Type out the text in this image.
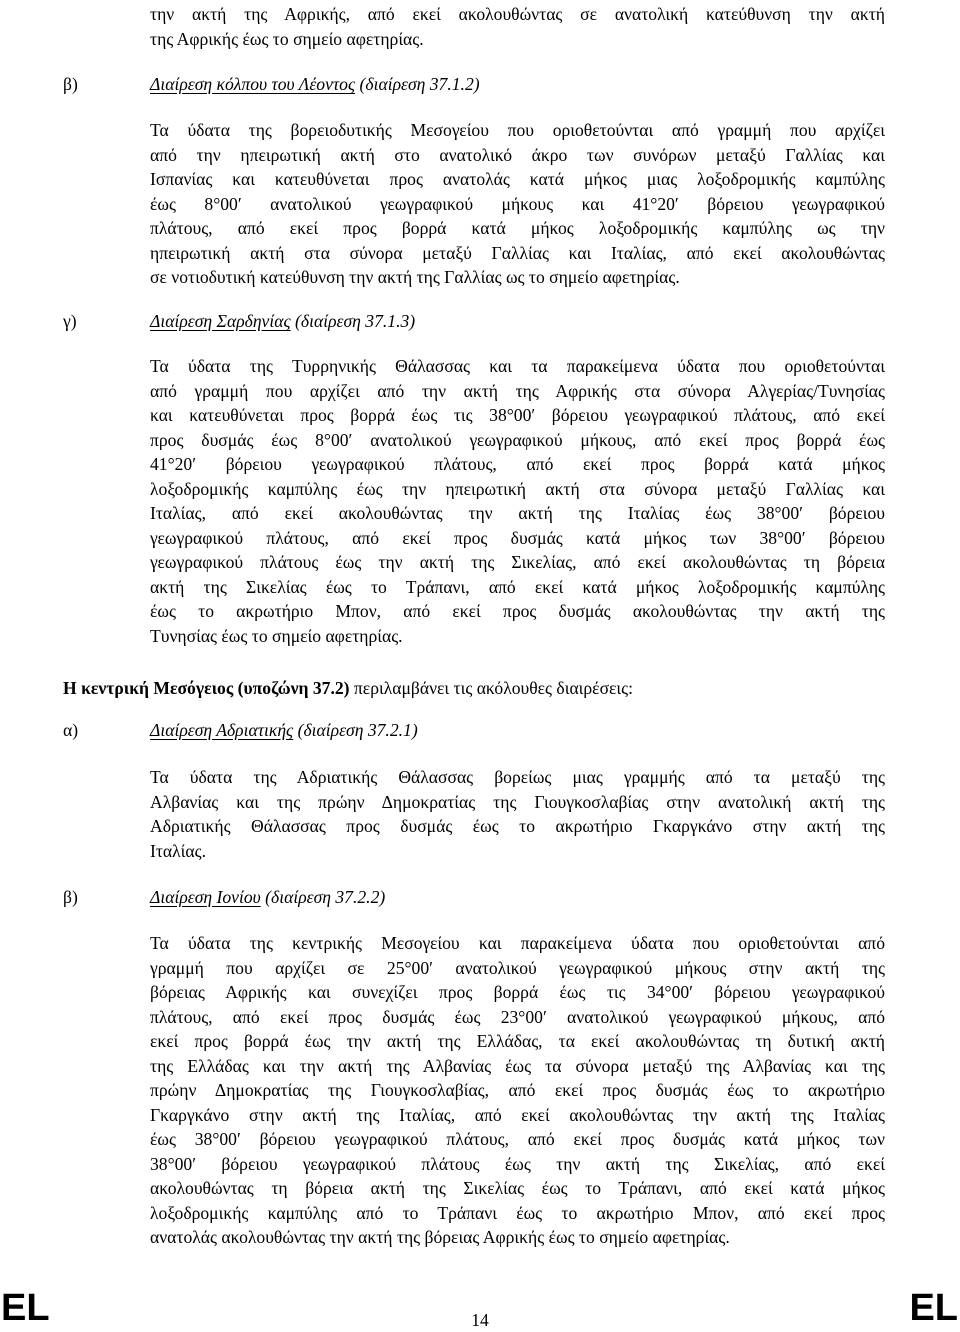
την ακτή της Αφρικής, από εκεί ακολουθώντας σε ανατολική κατεύθυνση την ακτή
της Αφρικής έως το σημείο αφετηρίας.
β)	Διαίρεση κόλπου του Λέοντος (διαίρεση 37.1.2)
Τα ύδατα της βορειοδυτικής Μεσογείου που οριοθετούνται από γραμμή που αρχίζει
από την ηπειρωτική ακτή στο ανατολικό άκρο των συνόρων μεταξύ Γαλλίας και
Ισπανίας και κατευθύνεται προς ανατολάς κατά μήκος μιας λοξοδρομικής καμπύλης
έως 8°00′ ανατολικού γεωγραφικού μήκους και 41°20′ βόρειου γεωγραφικού
πλάτους, από εκεί προς βορρά κατά μήκος λοξοδρομικής καμπύλης ως την
ηπειρωτική ακτή στα σύνορα μεταξύ Γαλλίας και Ιταλίας, από εκεί ακολουθώντας
σε νοτιοδυτική κατεύθυνση την ακτή της Γαλλίας ως το σημείο αφετηρίας.
γ)	Διαίρεση Σαρδηνίας (διαίρεση 37.1.3)
Τα ύδατα της Τυρρηνικής Θάλασσας και τα παρακείμενα ύδατα που οριοθετούνται
από γραμμή που αρχίζει από την ακτή της Αφρικής στα σύνορα Αλγερίας/Τυνησίας
και κατευθύνεται προς βορρά έως τις 38°00′ βόρειου γεωγραφικού πλάτους, από εκεί
προς δυσμάς έως 8°00′ ανατολικού γεωγραφικού μήκους, από εκεί προς βορρά έως
41°20′ βόρειου γεωγραφικού πλάτους, από εκεί προς βορρά κατά μήκος
λοξοδρομικής καμπύλης έως την ηπειρωτική ακτή στα σύνορα μεταξύ Γαλλίας και
Ιταλίας, από εκεί ακολουθώντας την ακτή της Ιταλίας έως 38°00′ βόρειου
γεωγραφικού πλάτους, από εκεί προς δυσμάς κατά μήκος των 38°00′ βόρειου
γεωγραφικού πλάτους έως την ακτή της Σικελίας, από εκεί ακολουθώντας τη βόρεια
ακτή της Σικελίας έως το Τράπανι, από εκεί κατά μήκος λοξοδρομικής καμπύλης
έως το ακρωτήριο Μπον, από εκεί προς δυσμάς ακολουθώντας την ακτή της
Τυνησίας έως το σημείο αφετηρίας.
Η κεντρική Μεσόγειος (υποζώνη 37.2) περιλαμβάνει τις ακόλουθες διαιρέσεις:
α)	Διαίρεση Αδριατικής (διαίρεση 37.2.1)
Τα ύδατα της Αδριατικής Θάλασσας βορείως μιας γραμμής από τα μεταξύ της
Αλβανίας και της πρώην Δημοκρατίας της Γιουγκοσλαβίας στην ανατολική ακτή της
Αδριατικής Θάλασσας προς δυσμάς έως το ακρωτήριο Γκαργκάνο στην ακτή της
Ιταλίας.
β)	Διαίρεση Ιονίου (διαίρεση 37.2.2)
Τα ύδατα της κεντρικής Μεσογείου και παρακείμενα ύδατα που οριοθετούνται από
γραμμή που αρχίζει σε 25°00′ ανατολικού γεωγραφικού μήκους στην ακτή της
βόρειας Αφρικής και συνεχίζει προς βορρά έως τις 34°00′ βόρειου γεωγραφικού
πλάτους, από εκεί προς δυσμάς έως 23°00′ ανατολικού γεωγραφικού μήκους, από
εκεί προς βορρά έως την ακτή της Ελλάδας, τα εκεί ακολουθώντας τη δυτική ακτή
της Ελλάδας και την ακτή της Αλβανίας έως τα σύνορα μεταξύ της Αλβανίας και της
πρώην Δημοκρατίας της Γιουγκοσλαβίας, από εκεί προς δυσμάς έως το ακρωτήριο
Γκαργκάνο στην ακτή της Ιταλίας, από εκεί ακολουθώντας την ακτή της Ιταλίας
έως 38°00′ βόρειου γεωγραφικού πλάτους, από εκεί προς δυσμάς κατά μήκος των
38°00′ βόρειου γεωγραφικού πλάτους έως την ακτή της Σικελίας, από εκεί
ακολουθώντας τη βόρεια ακτή της Σικελίας έως το Τράπανι, από εκεί κατά μήκος
λοξοδρομικής καμπύλης από το Τράπανι έως το ακρωτήριο Μπον, από εκεί προς
ανατολάς ακολουθώντας την ακτή της βόρειας Αφρικής έως το σημείο αφετηρίας.
EL	14	EL
